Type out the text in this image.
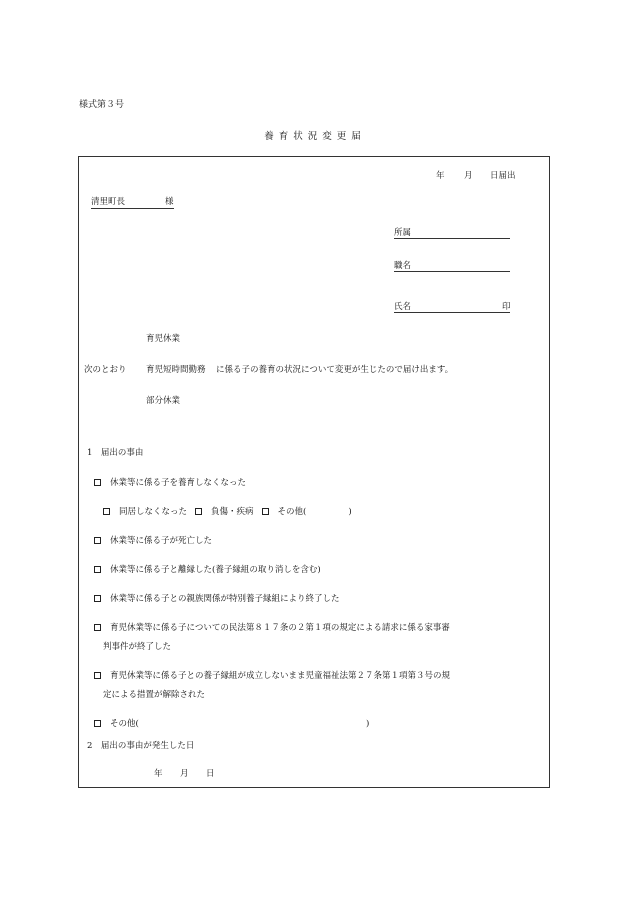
様式第３号
養育状況変更届
年 月 日届出
清里町長	様
所属
職名
氏名	印
育児休業
次のとおり 育児短時間勤務 に係る子の養育の状況について変更が生じたので届け出ます。
部分休業
1　届出の事由
休業等に係る子を養育しなくなった
同居しなくなった	負傷・疾病	その他(	)
休業等に係る子が死亡した
休業等に係る子と離縁した(養子縁組の取り消しを含む)
休業等に係る子との親族関係が特別養子縁組により終了した
育児休業等に係る子についての民法第８１７条の２第１項の規定による請求に係る家事審
判事件が終了した
育児休業等に係る子との養子縁組が成立しないまま児童福祉法第２７条第１項第３号の規
定による措置が解除された
その他(	)
2　届出の事由が発生した日
年 月 日
